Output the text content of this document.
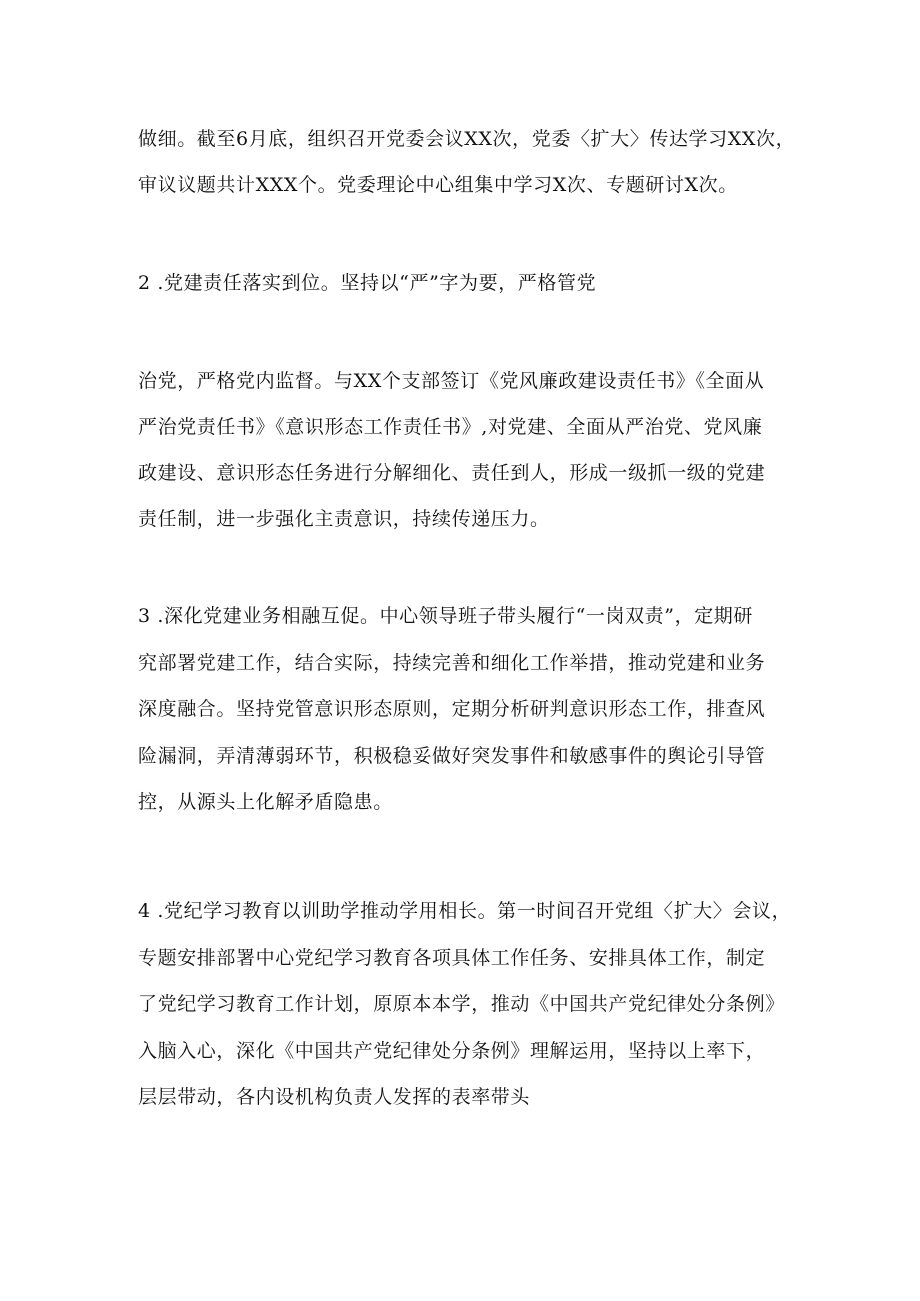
做细。截至6月底，组织召开党委会议XX次，党委〈扩大〉传达学习XX次，
审议议题共计XXX个。党委理论中心组集中学习X次、专题研讨X次。
2 .党建责任落实到位。坚持以“严”字为要，严格管党
治党，严格党内监督。与XX个支部签订《党风廉政建设责任书》《全面从
严治党责任书》《意识形态工作责任书》,对党建、全面从严治党、党风廉
政建设、意识形态任务进行分解细化、责任到人，形成一级抓一级的党建
责任制，进一步强化主责意识，持续传递压力。
3 .深化党建业务相融互促。中心领导班子带头履行“一岗双责”，定期研
究部署党建工作，结合实际，持续完善和细化工作举措，推动党建和业务
深度融合。坚持党管意识形态原则，定期分析研判意识形态工作，排查风
险漏洞，弄清薄弱环节，积极稳妥做好突发事件和敏感事件的舆论引导管
控，从源头上化解矛盾隐患。
4 .党纪学习教育以训助学推动学用相长。第一时间召开党组〈扩大〉会议，
专题安排部署中心党纪学习教育各项具体工作任务、安排具体工作，制定
了党纪学习教育工作计划，原原本本学，推动《中国共产党纪律处分条例》
入脑入心，深化《中国共产党纪律处分条例》理解运用，坚持以上率下，
层层带动，各内设机构负责人发挥的表率带头
